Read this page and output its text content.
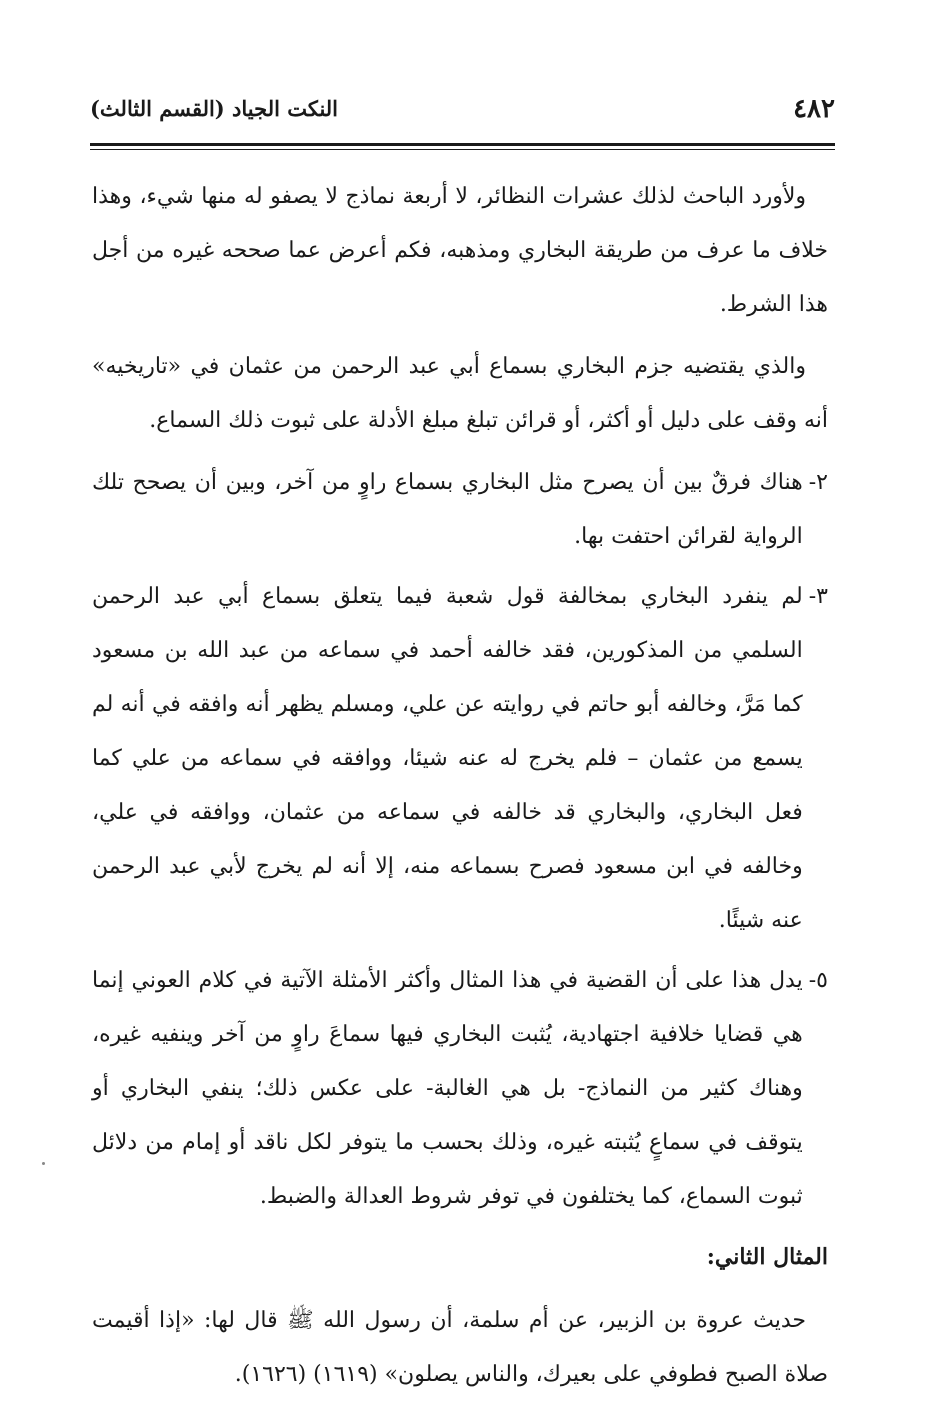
٤٨٢
النكت الجياد (القسم الثالث)

ولأورد الباحث لذلك عشرات النظائر، لا أربعة نماذج لا يصفو له منها شيء، وهذا خلاف ما عرف من طريقة البخاري ومذهبه، فكم أعرض عما صححه غيره من أجل هذا الشرط.

والذي يقتضيه جزم البخاري بسماع أبي عبد الرحمن من عثمان في «تاريخيه» أنه وقف على دليل أو أكثر، أو قرائن تبلغ مبلغ الأدلة على ثبوت ذلك السماع.

٢-
هناك فرقٌ بين أن يصرح مثل البخاري بسماع راوٍ من آخر، وبين أن يصحح تلك الرواية لقرائن احتفت بها.
٣-
لم ينفرد البخاري بمخالفة قول شعبة فيما يتعلق بسماع أبي عبد الرحمن السلمي من المذكورين، فقد خالفه أحمد في سماعه من عبد الله بن مسعود كما مَرَّ، وخالفه أبو حاتم في روايته عن علي، ومسلم يظهر أنه وافقه في أنه لم يسمع من عثمان – فلم يخرج له عنه شيئا، ووافقه في سماعه من علي كما فعل البخاري، والبخاري قد خالفه في سماعه من عثمان، ووافقه في علي، وخالفه في ابن مسعود فصرح بسماعه منه، إلا أنه لم يخرج لأبي عبد الرحمن عنه شيئًا.
٥-
يدل هذا على أن القضية في هذا المثال وأكثر الأمثلة الآتية في كلام العوني إنما هي قضايا خلافية اجتهادية، يُثبت البخاري فيها سماعَ راوٍ من آخر وينفيه غيره، وهناك كثير من النماذج- بل هي الغالبة- على عكس ذلك؛ ينفي البخاري أو يتوقف في سماعٍ يُثبته غيره، وذلك بحسب ما يتوفر لكل ناقد أو إمام من دلائل ثبوت السماع، كما يختلفون في توفر شروط العدالة والضبط.
المثال الثاني:

حديث عروة بن الزبير، عن أم سلمة، أن رسول الله ﷺ قال لها: «إذا أقيمت صلاة الصبح فطوفي على بعيرك، والناس يصلون» (١٦١٩) (١٦٢٦).
